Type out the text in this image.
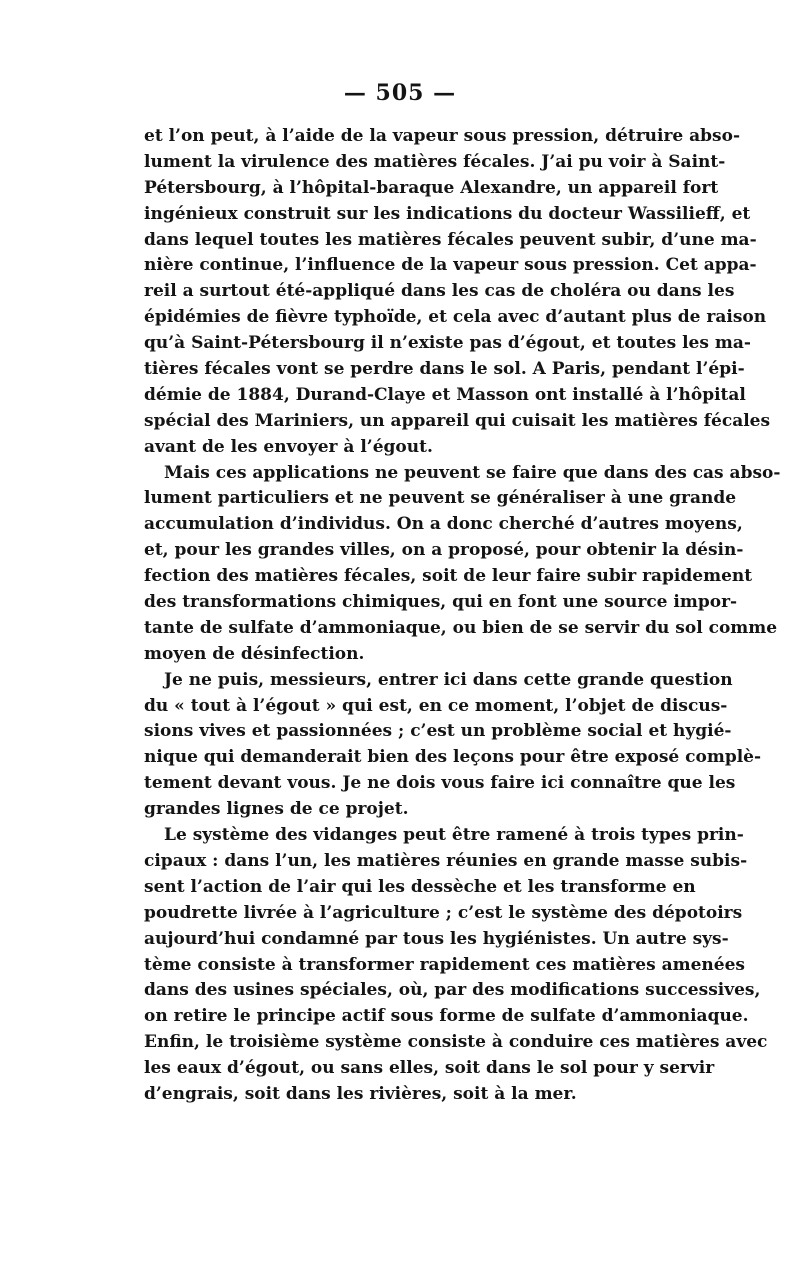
— 505 —
et l’on peut, à l’aide de la vapeur sous pression, détruire abso-
lument la virulence des matières fécales. J’ai pu voir à Saint-
Pétersbourg, à l’hôpital-baraque Alexandre, un appareil fort
ingénieux construit sur les indications du docteur Wassilieff, et
dans lequel toutes les matières fécales peuvent subir, d’une ma-
nière continue, l’influence de la vapeur sous pression. Cet appa-
reil a surtout été-appliqué dans les cas de choléra ou dans les
épidémies de fièvre typhoïde, et cela avec d’autant plus de raison
qu’à Saint-Pétersbourg il n’existe pas d’égout, et toutes les ma-
tières fécales vont se perdre dans le sol. A Paris, pendant l’épi-
démie de 1884, Durand-Claye et Masson ont installé à l’hôpital
spécial des Mariniers, un appareil qui cuisait les matières fécales
avant de les envoyer à l’égout.
Mais ces applications ne peuvent se faire que dans des cas abso-
lument particuliers et ne peuvent se généraliser à une grande
accumulation d’individus. On a donc cherché d’autres moyens,
et, pour les grandes villes, on a proposé, pour obtenir la désin-
fection des matières fécales, soit de leur faire subir rapidement
des transformations chimiques, qui en font une source impor-
tante de sulfate d’ammoniaque, ou bien de se servir du sol comme
moyen de désinfection.
Je ne puis, messieurs, entrer ici dans cette grande question
du « tout à l’égout » qui est, en ce moment, l’objet de discus-
sions vives et passionnées ; c’est un problème social et hygié-
nique qui demanderait bien des leçons pour être exposé complè-
tement devant vous. Je ne dois vous faire ici connaître que les
grandes lignes de ce projet.
Le système des vidanges peut être ramené à trois types prin-
cipaux : dans l’un, les matières réunies en grande masse subis-
sent l’action de l’air qui les dessèche et les transforme en
poudrette livrée à l’agriculture ; c’est le système des dépotoirs
aujourd’hui condamné par tous les hygiénistes. Un autre sys-
tème consiste à transformer rapidement ces matières amenées
dans des usines spéciales, où, par des modifications successives,
on retire le principe actif sous forme de sulfate d’ammoniaque.
Enfin, le troisième système consiste à conduire ces matières avec
les eaux d’égout, ou sans elles, soit dans le sol pour y servir
d’engrais, soit dans les rivières, soit à la mer.
